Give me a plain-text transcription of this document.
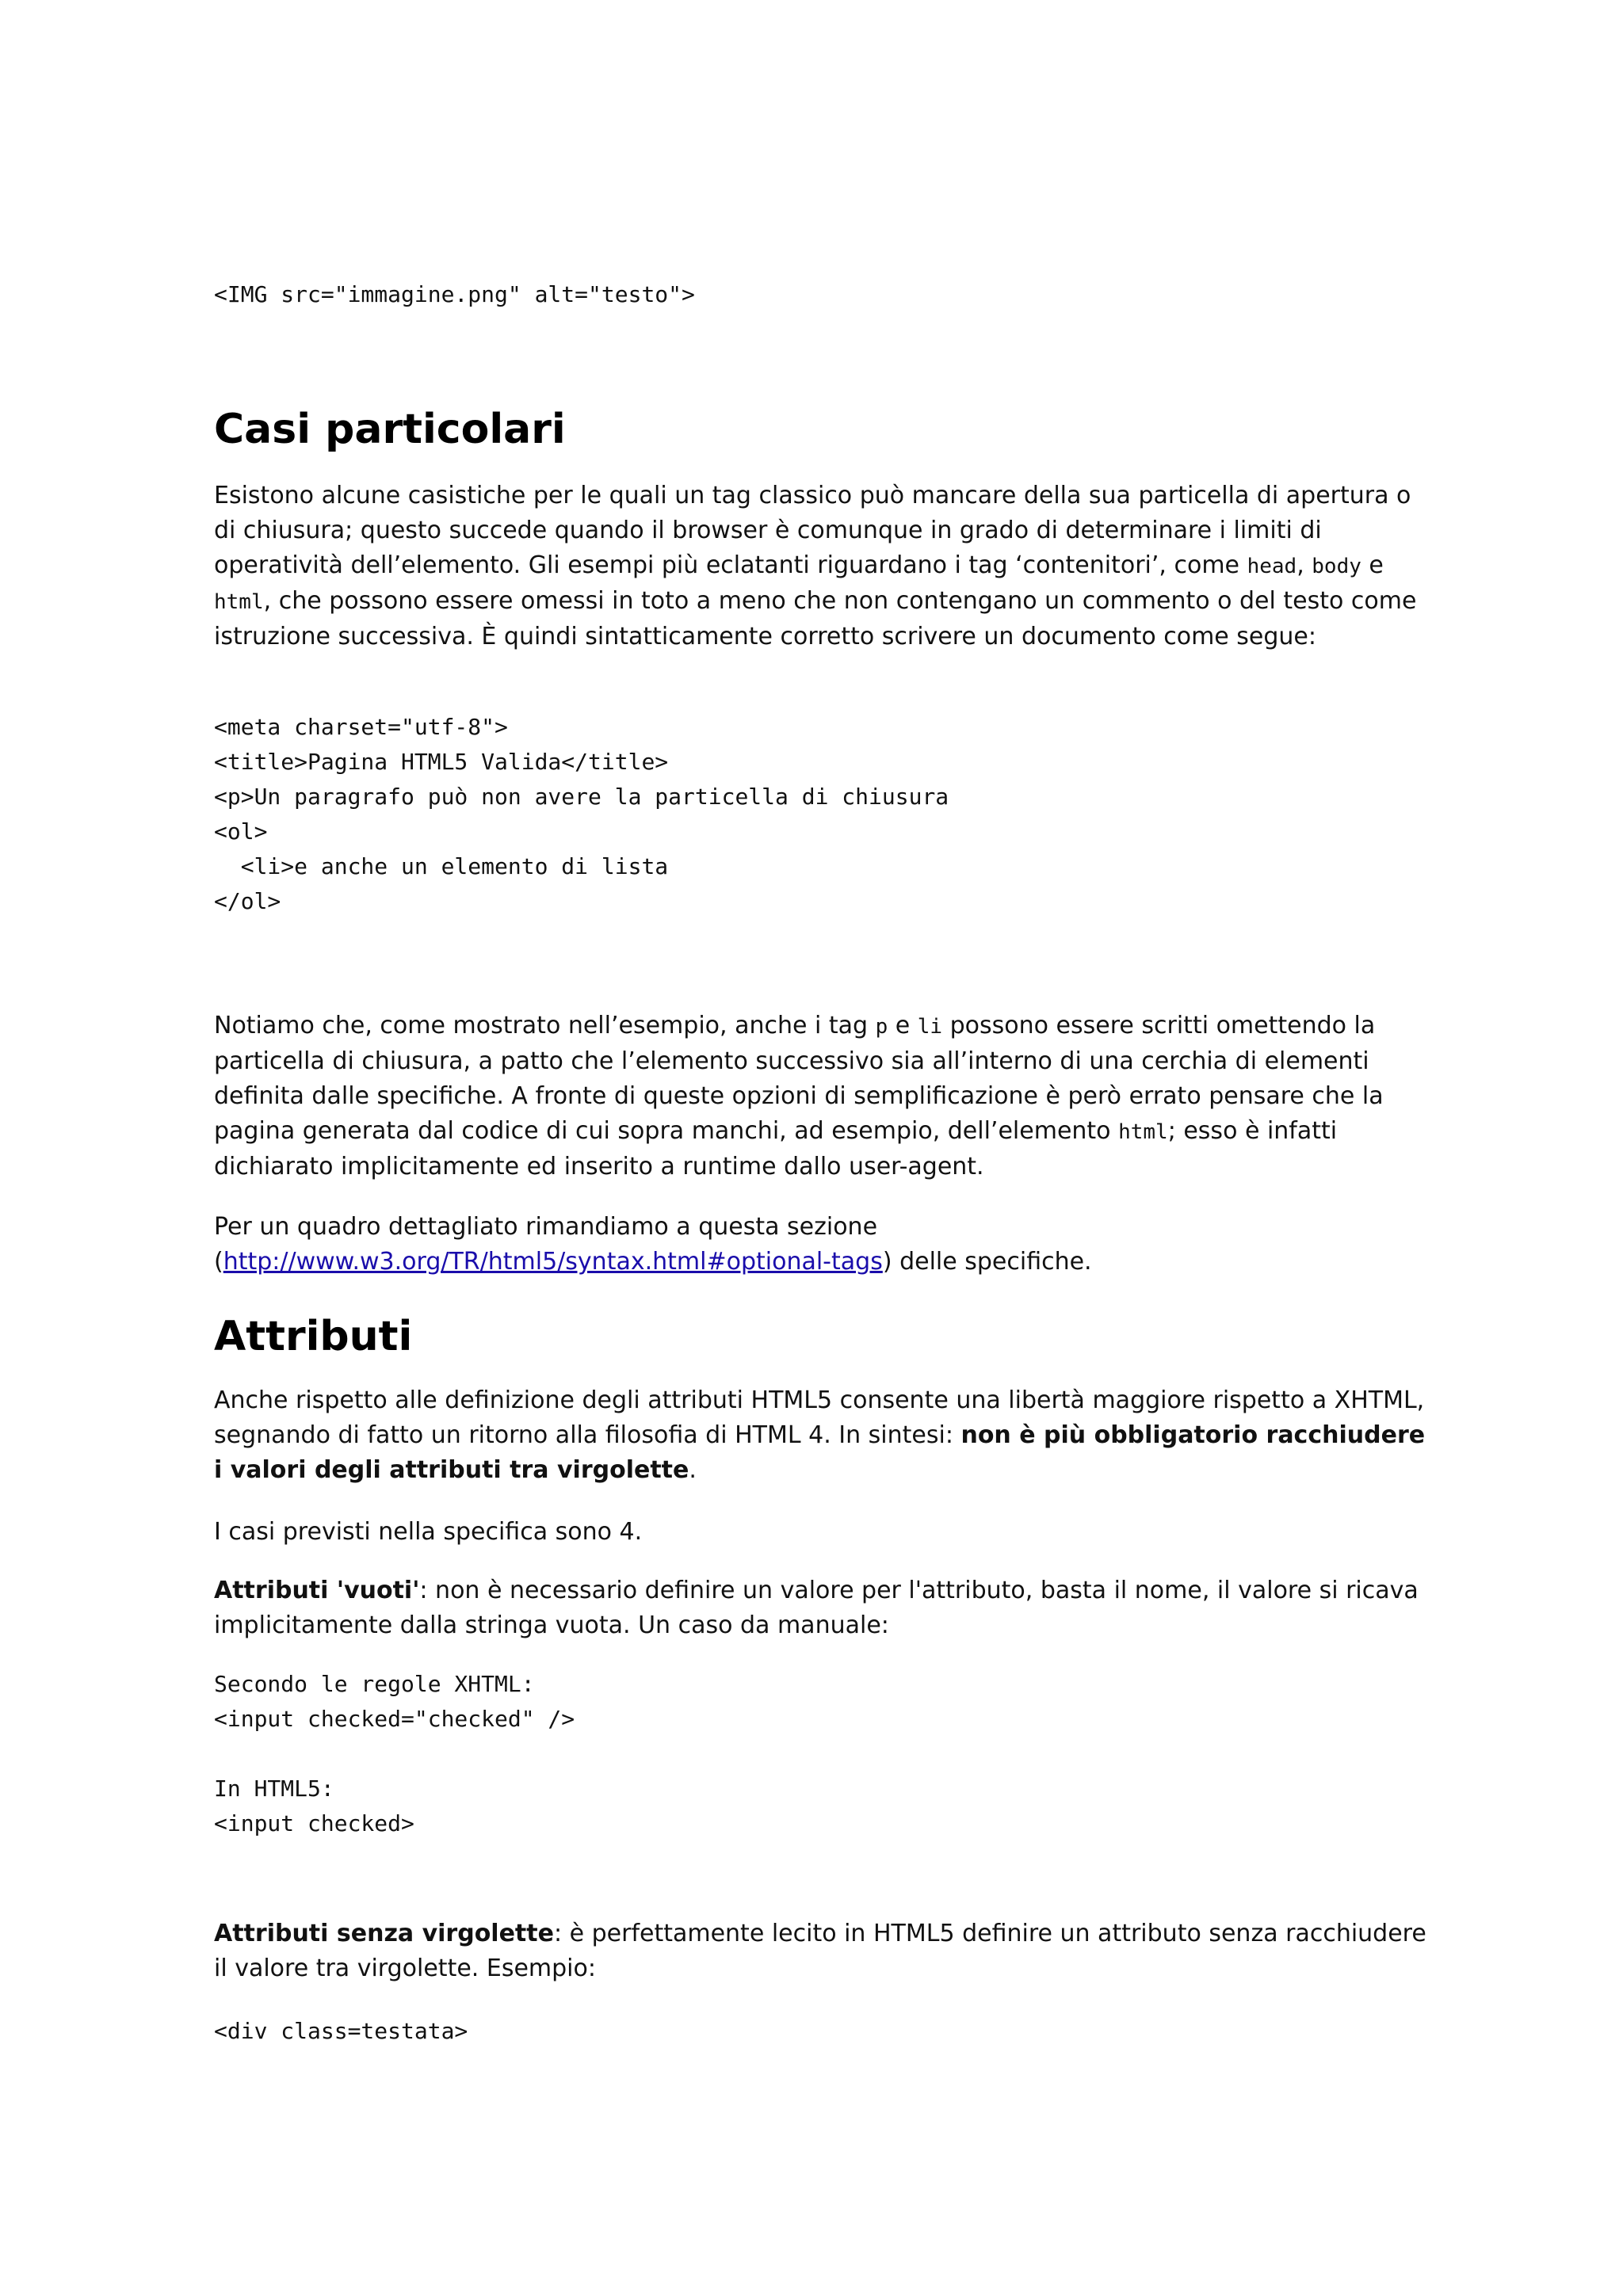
<IMG src="immagine.png" alt="testo">
Casi particolari

Esistono alcune casistiche per le quali un tag classico può mancare della sua particella di apertura o di chiusura; questo succede quando il browser è comunque in grado di determinare i limiti di operatività dell’elemento. Gli esempi più eclatanti riguardano i tag ‘contenitori’, come head, body e html, che possono essere omessi in toto a meno che non contengano un commento o del testo come istruzione successiva. È quindi sintatticamente corretto scrivere un documento come segue:

<meta charset="utf-8">
<title>Pagina HTML5 Valida</title>
<p>Un paragrafo può non avere la particella di chiusura
<ol>
<li>e anche un elemento di lista
</ol>

Notiamo che, come mostrato nell’esempio, anche i tag p e li possono essere scritti omettendo la particella di chiusura, a patto che l’elemento successivo sia all’interno di una cerchia di elementi definita dalle specifiche. A fronte di queste opzioni di semplificazione è però errato pensare che la pagina generata dal codice di cui sopra manchi, ad esempio, dell’elemento html; esso è infatti dichiarato implicitamente ed inserito a runtime dallo user-agent.

Per un quadro dettagliato rimandiamo a questa sezione (http://www.w3.org/TR/html5/syntax.html#optional-tags) delle specifiche.

Attributi

Anche rispetto alle definizione degli attributi HTML5 consente una libertà maggiore rispetto a XHTML, segnando di fatto un ritorno alla filosofia di HTML 4. In sintesi: non è più obbligatorio racchiudere i valori degli attributi tra virgolette.

I casi previsti nella specifica sono 4.

Attributi 'vuoti': non è necessario definire un valore per l'attributo, basta il nome, il valore si ricava implicitamente dalla stringa vuota. Un caso da manuale:

Secondo le regole XHTML:
<input checked="checked" />
In HTML5:
<input checked>

Attributi senza virgolette: è perfettamente lecito in HTML5 definire un attributo senza racchiudere il valore tra virgolette. Esempio:

<div class=testata>
